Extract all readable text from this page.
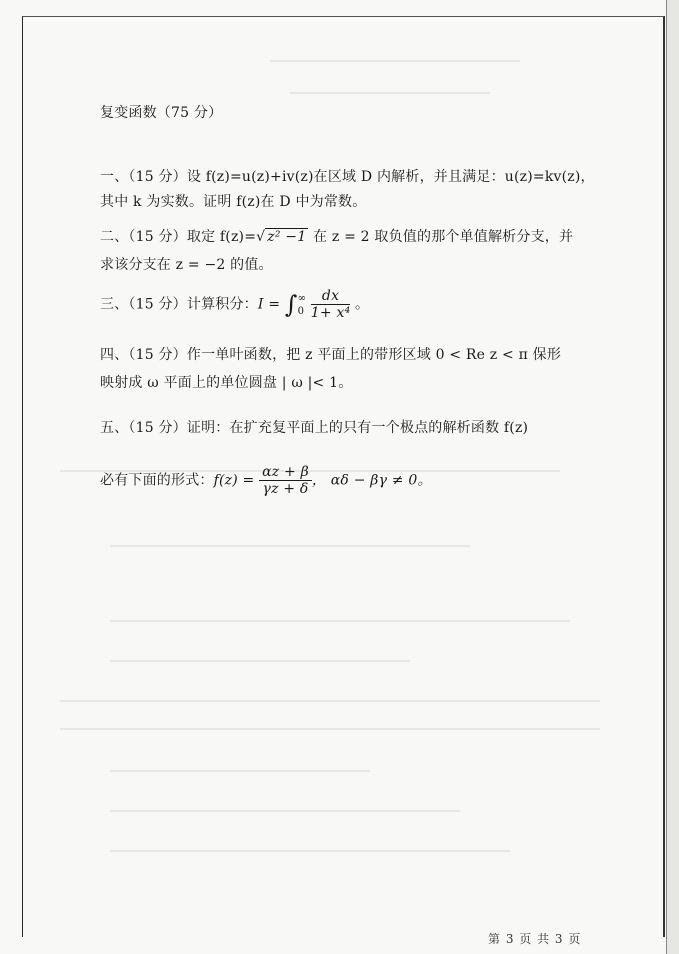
复变函数（75 分）
一、（15 分）设 f(z)=u(z)+iv(z)在区域 D 内解析，并且满足：u(z)=kv(z)，
其中 k 为实数。证明 f(z)在 D 中为常数。
二、（15 分）取定 f(z)=√ z² −1 在 z = 2 取负值的那个单值解析分支，并
求该分支在 z = −2 的值。
三、（15 分）计算积分：I = ∫ ∞
0
$\frac{dx}{\text{1+ x⁴}}$ 。
四、（15 分）作一单叶函数，把 z 平面上的带形区域 0 < Re z < π 保形
映射成 ω 平面上的单位圆盘 | ω |< 1。
五、（15 分）证明：在扩充复平面上的只有一个极点的解析函数 f(z)
必有下面的形式：$f(z) = \frac{\alpha z + \beta}{\gamma z + \delta}$ ， αδ − βγ ≠ 0。
第 3 页 共 3 页
